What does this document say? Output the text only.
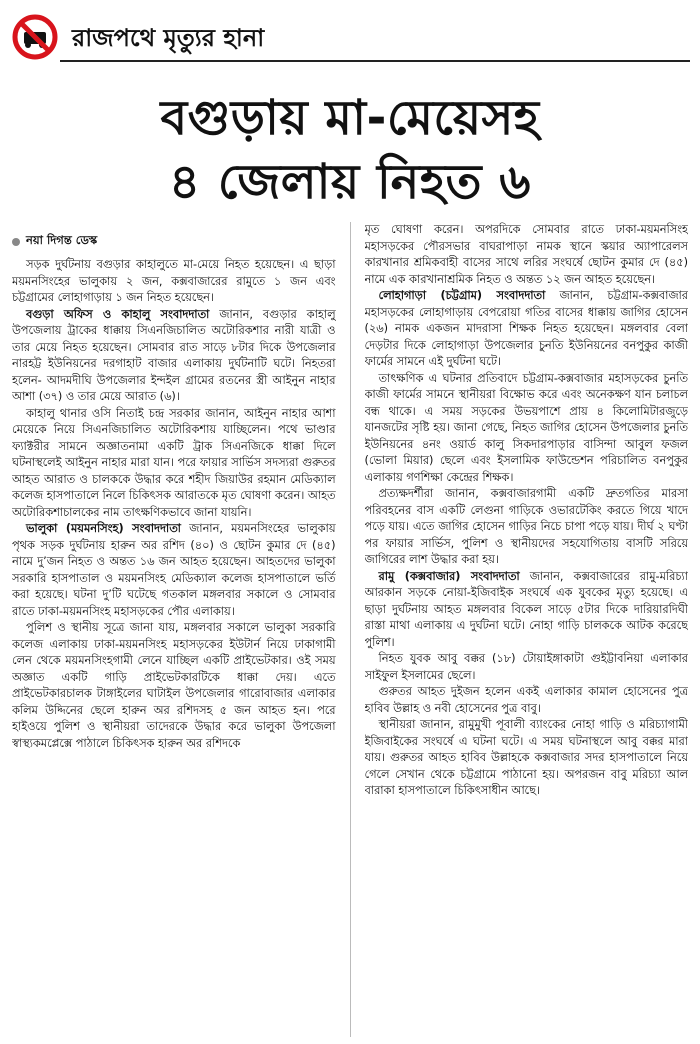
রাজপথে মৃত্যুর হানা
বগুড়ায় মা-মেয়েসহ
৪ জেলায় নিহত ৬
নয়া দিগন্ত ডেস্ক

সড়ক দুর্ঘটনায় বগুড়ার কাহালুতে মা-মেয়ে নিহত হয়েছেন। এ ছাড়া ময়মনসিংহের ভালুকায় ২ জন, কক্সবাজারের রামুতে ১ জন এবং চট্টগ্রামের লোহাগাড়ায় ১ জন নিহত হয়েছেন।

বগুড়া অফিস ও কাহালু সংবাদদাতা জানান, বগুড়ার কাহালু উপজেলায় ট্রাকের ধাক্কায় সিএনজিচালিত অটোরিকশার নারী যাত্রী ও তার মেয়ে নিহত হয়েছেন। সোমবার রাত সাড়ে ৮টার দিকে উপজেলার নারহট্ট ইউনিয়নের দরগাহাট বাজার এলাকায় দুর্ঘটনাটি ঘটে। নিহতরা হলেন- আদমদীঘি উপজেলার ইন্দইল গ্রামের রতনের স্ত্রী আইনুন নাহার আশা (৩৭) ও তার মেয়ে আরাত (৬)।

কাহালু থানার ওসি নিতাই চন্দ্র সরকার জানান, আইনুন নাহার আশা মেয়েকে নিয়ে সিএনজিচালিত অটোরিকশায় যাচ্ছিলেন। পথে ভাণ্ডার ফ্যাক্টরীর সামনে অজ্ঞাতনামা একটি ট্রাক সিএনজিকে ধাক্কা দিলে ঘটনাস্থলেই আইনুন নাহার মারা যান। পরে ফায়ার সার্ভিস সদস্যরা গুরুতর আহত আরাত ও চালককে উদ্ধার করে শহীদ জিয়াউর রহমান মেডিক্যাল কলেজ হাসপাতালে নিলে চিকিৎসক আরাতকে মৃত ঘোষণা করেন। আহত অটোরিকশাচালকের নাম তাৎক্ষণিকভাবে জানা যায়নি।

ভালুকা (ময়মনসিংহ) সংবাদদাতা জানান, ময়মনসিংহের ভালুকায় পৃথক সড়ক দুর্ঘটনায় হারুন অর রশিদ (৪০) ও ছোটন কুমার দে (৪৫) নামে দু’জন নিহত ও অন্তত ১৬ জন আহত হয়েছেন। আহতদের ভালুকা সরকারি হাসপাতাল ও ময়মনসিংহ মেডিক্যাল কলেজ হাসপাতালে ভর্তি করা হয়েছে। ঘটনা দু’টি ঘটেছে গতকাল মঙ্গলবার সকালে ও সোমবার রাতে ঢাকা-ময়মনসিংহ মহাসড়কের পৌর এলাকায়।

পুলিশ ও স্থানীয় সূত্রে জানা যায়, মঙ্গলবার সকালে ভালুকা সরকারি কলেজ এলাকায় ঢাকা-ময়মনসিংহ মহাসড়কের ইউটার্ন নিয়ে ঢাকাগামী লেন থেকে ময়মনসিংহগামী লেনে যাচ্ছিল একটি প্রাইভেটকার। ওই সময় অজ্ঞাত একটি গাড়ি প্রাইভেটকারটিকে ধাক্কা দেয়। এতে প্রাইভেটকারচালক টাঙ্গাইলের ঘাটাইল উপজেলার গারোবাজার এলাকার কলিম উদ্দিনের ছেলে হারুন অর রশিদসহ ৫ জন আহত হন। পরে হাইওয়ে পুলিশ ও স্থানীয়রা তাদেরকে উদ্ধার করে ভালুকা উপজেলা স্বাস্থ্যকমপ্লেক্সে পাঠালে চিকিৎসক হারুন অর রশিদকে

মৃত ঘোষণা করেন। অপরদিকে সোমবার রাতে ঢাকা-ময়মনসিংহ মহাসড়কের পৌরসভার বাঘরাপাড়া নামক স্থানে স্কয়ার অ্যাপারেলস কারখানার শ্রমিকবাহী বাসের সাথে লরির সংঘর্ষে ছোটন কুমার দে (৪৫) নামে এক কারখানাশ্রমিক নিহত ও অন্তত ১২ জন আহত হয়েছেন।

লোহাগাড়া (চট্টগ্রাম) সংবাদদাতা জানান, চট্টগ্রাম-কক্সবাজার মহাসড়কের লোহাগাড়ায় বেপরোয়া গতির বাসের ধাক্কায় জাগির হোসেন (২৬) নামক একজন মাদরাসা শিক্ষক নিহত হয়েছেন। মঙ্গলবার বেলা দেড়টার দিকে লোহাগাড়া উপজেলার চুনতি ইউনিয়নের বনপুকুর কাজী ফার্মের সামনে এই দুর্ঘটনা ঘটে।

তাৎক্ষণিক এ ঘটনার প্রতিবাদে চট্টগ্রাম-কক্সবাজার মহাসড়কের চুনতি কাজী ফার্মের সামনে স্থানীয়রা বিক্ষোভ করে এবং অনেকক্ষণ যান চলাচল বন্ধ থাকে। এ সময় সড়কের উভয়পাশে প্রায় ৪ কিলোমিটারজুড়ে যানজটের সৃষ্টি হয়। জানা গেছে, নিহত জাগির হোসেন উপজেলার চুনতি ইউনিয়নের ৪নং ওয়ার্ড কালু সিকদারপাড়ার বাসিন্দা আবুল ফজল (ভোলা মিয়ার) ছেলে এবং ইসলামিক ফাউন্ডেশন পরিচালিত বনপুকুর এলাকায় গণশিক্ষা কেন্দ্রের শিক্ষক।

প্রত্যক্ষদর্শীরা জানান, কক্সবাজারগামী একটি দ্রুতগতির মারসা পরিবহনের বাস একটি লেগুনা গাড়িকে ওভারটেকিং করতে গিয়ে খাদে পড়ে যায়। এতে জাগির হোসেন গাড়ির নিচে চাপা পড়ে যায়। দীর্ঘ ২ ঘণ্টা পর ফায়ার সার্ভিস, পুলিশ ও স্থানীয়দের সহযোগিতায় বাসটি সরিয়ে জাগিরের লাশ উদ্ধার করা হয়।

রামু (কক্সবাজার) সংবাদদাতা জানান, কক্সবাজারের রামু-মরিচ্যা আরকান সড়কে নোয়া-ইজিবাইক সংঘর্ষে এক যুবকের মৃত্যু হয়েছে। এ ছাড়া দুর্ঘটনায় আহত মঙ্গলবার বিকেল সাড়ে ৫টার দিকে দারিয়ারদিঘী রাস্তা মাথা এলাকায় এ দুর্ঘটনা ঘটে। নোহা গাড়ি চালককে আটক করেছে পুলিশ।

নিহত যুবক আবু বক্কর (১৮) টোয়াইঙ্গাকাটা গুইট্টাবনিয়া এলাকার সাইফুল ইসলামের ছেলে।

গুরুতর আহত দুইজন হলেন একই এলাকার কামাল হোসেনের পুত্র হাবিব উল্লাহ ও নবী হোসেনের পুত্র বাবু।

স্থানীয়রা জানান, রামুমুখী পূবালী ব্যাংকের নোহা গাড়ি ও মরিচ্যাগামী ইজিবাইকের সংঘর্ষে এ ঘটনা ঘটে। এ সময় ঘটনাস্থলে আবু বক্কর মারা যায়। গুরুতর আহত হাবিব উল্লাহকে কক্সবাজার সদর হাসপাতালে নিয়ে গেলে সেখান থেকে চট্টগ্রামে পাঠানো হয়। অপরজন বাবু মরিচ্যা আল বারাকা হাসপাতালে চিকিৎসাধীন আছে।
